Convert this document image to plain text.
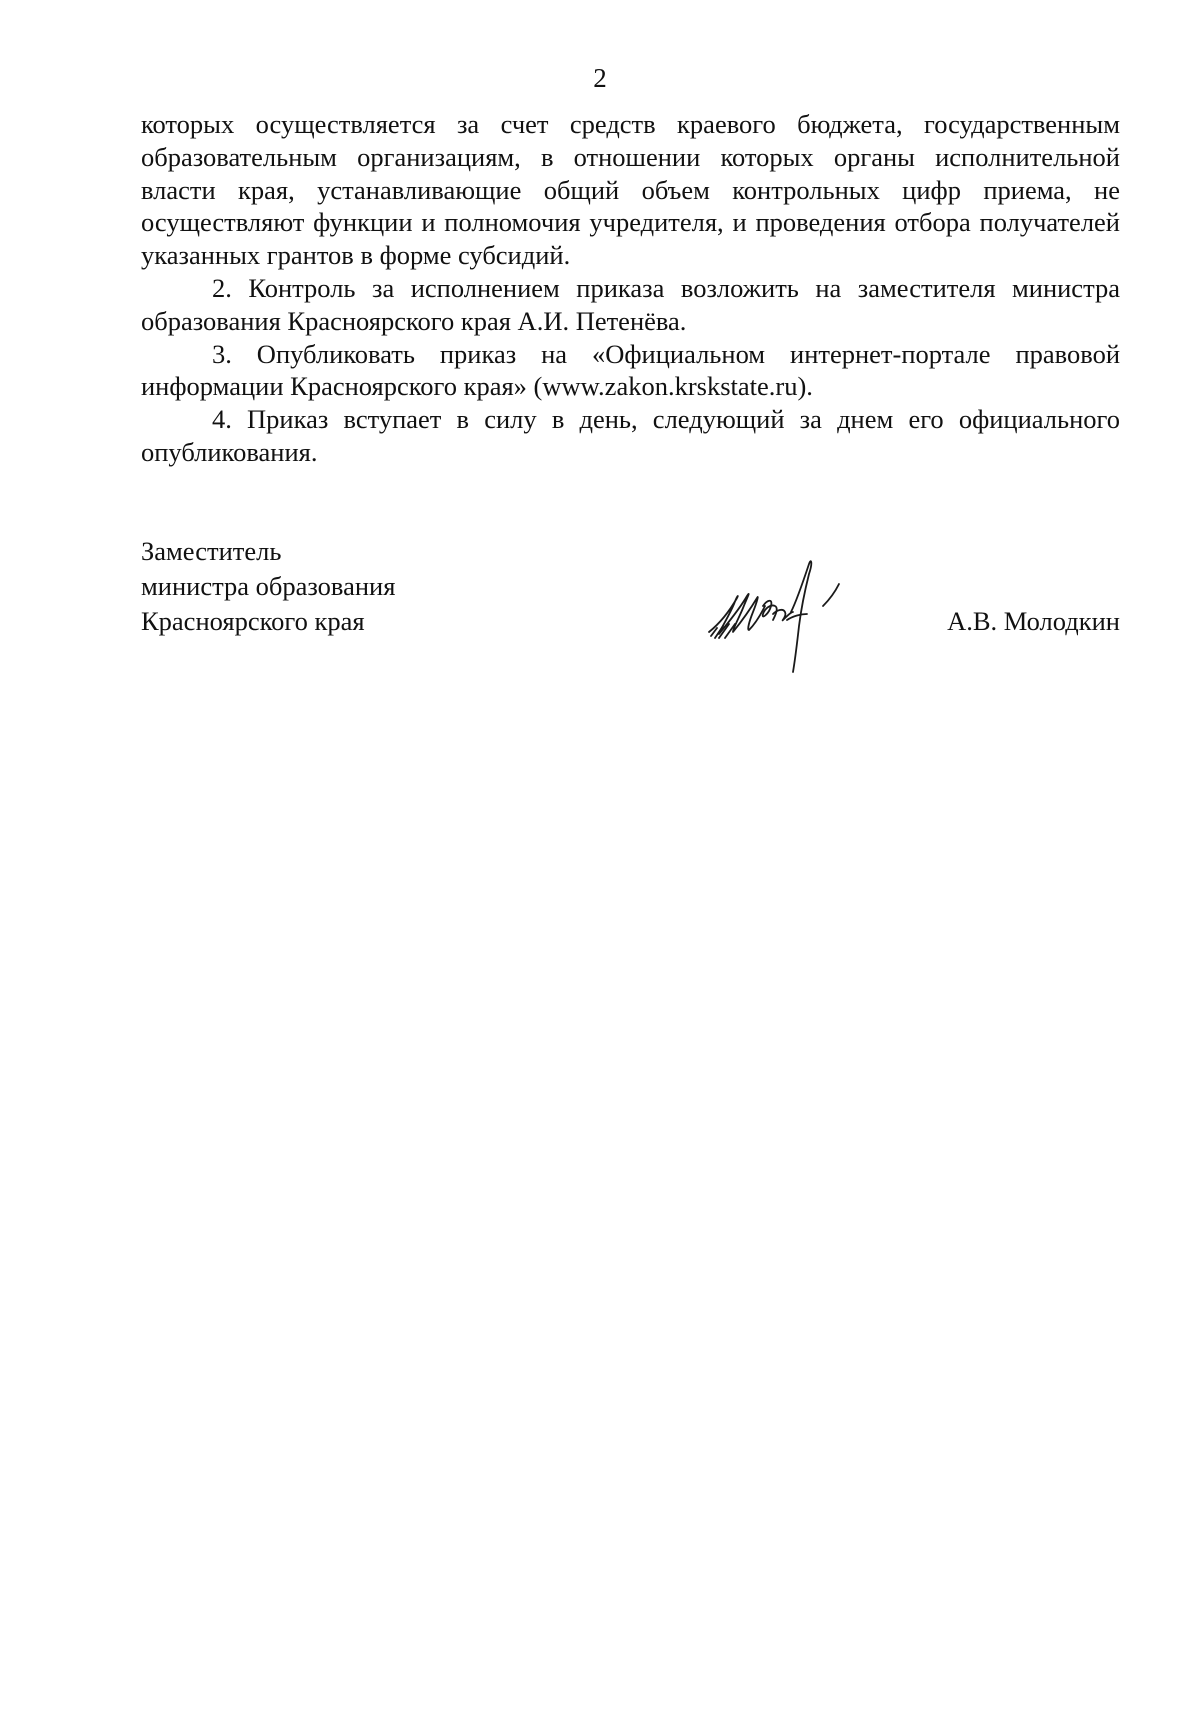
2

которых осуществляется за счет средств краевого бюджета, государственным образовательным организациям, в отношении которых органы исполнительной власти края, устанавливающие общий объем контрольных цифр приема, не осуществляют функции и полномочия учредителя, и проведения отбора получателей указанных грантов в форме субсидий.

2. Контроль за исполнением приказа возложить на заместителя министра образования Красноярского края А.И. Петенёва.

3. Опубликовать приказ на «Официальном интернет-портале правовой информации Красноярского края» (www.zakon.krskstate.ru).

4. Приказ вступает в силу в день, следующий за днем его официального опубликования.

Заместитель
министра образования
Красноярского края	А.В. Молодкин
